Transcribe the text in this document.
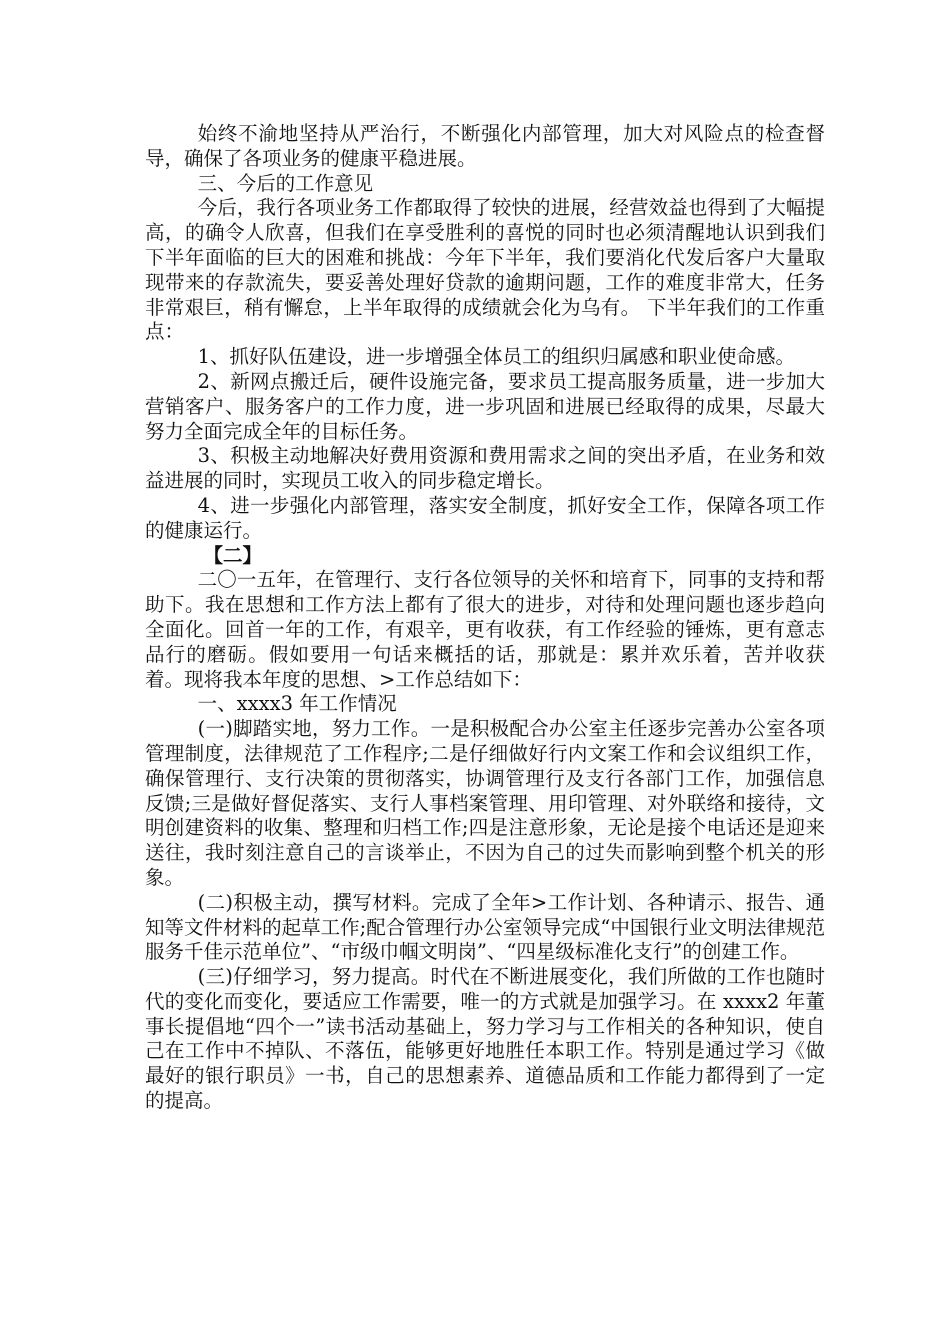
始终不渝地坚持从严治行，不断强化内部管理，加大对风险点的检查督导，确保了各项业务的健康平稳进展。

三、今后的工作意见

今后，我行各项业务工作都取得了较快的进展，经营效益也得到了大幅提高，的确令人欣喜，但我们在享受胜利的喜悦的同时也必须清醒地认识到我们下半年面临的巨大的困难和挑战：今年下半年，我们要消化代发后客户大量取现带来的存款流失，要妥善处理好贷款的逾期问题，工作的难度非常大，任务非常艰巨，稍有懈怠，上半年取得的成绩就会化为乌有。 下半年我们的工作重点：

1、抓好队伍建设，进一步增强全体员工的组织归属感和职业使命感。

2、新网点搬迁后，硬件设施完备，要求员工提高服务质量，进一步加大营销客户、服务客户的工作力度，进一步巩固和进展已经取得的成果，尽最大努力全面完成全年的目标任务。

3、积极主动地解决好费用资源和费用需求之间的突出矛盾，在业务和效益进展的同时，实现员工收入的同步稳定增长。

4、进一步强化内部管理，落实安全制度，抓好安全工作，保障各项工作的健康运行。

【二】

二〇一五年，在管理行、支行各位领导的关怀和培育下，同事的支持和帮助下。我在思想和工作方法上都有了很大的进步，对待和处理问题也逐步趋向全面化。回首一年的工作，有艰辛，更有收获，有工作经验的锤炼，更有意志品行的磨砺。假如要用一句话来概括的话，那就是：累并欢乐着，苦并收获着。现将我本年度的思想、>工作总结如下：

一、xxxx3 年工作情况

(一)脚踏实地，努力工作。一是积极配合办公室主任逐步完善办公室各项管理制度，法律规范了工作程序;二是仔细做好行内文案工作和会议组织工作，确保管理行、支行决策的贯彻落实，协调管理行及支行各部门工作，加强信息反馈;三是做好督促落实、支行人事档案管理、用印管理、对外联络和接待，文明创建资料的收集、整理和归档工作;四是注意形象，无论是接个电话还是迎来送往，我时刻注意自己的言谈举止，不因为自己的过失而影响到整个机关的形象。

(二)积极主动，撰写材料。完成了全年>工作计划、各种请示、报告、通知等文件材料的起草工作;配合管理行办公室领导完成“中国银行业文明法律规范服务千佳示范单位”、“市级巾帼文明岗”、“四星级标准化支行”的创建工作。

(三)仔细学习，努力提高。时代在不断进展变化，我们所做的工作也随时代的变化而变化，要适应工作需要，唯一的方式就是加强学习。在 xxxx2 年董事长提倡地“四个一”读书活动基础上，努力学习与工作相关的各种知识，使自己在工作中不掉队、不落伍，能够更好地胜任本职工作。特别是通过学习《做最好的银行职员》一书，自己的思想素养、道德品质和工作能力都得到了一定的提高。
